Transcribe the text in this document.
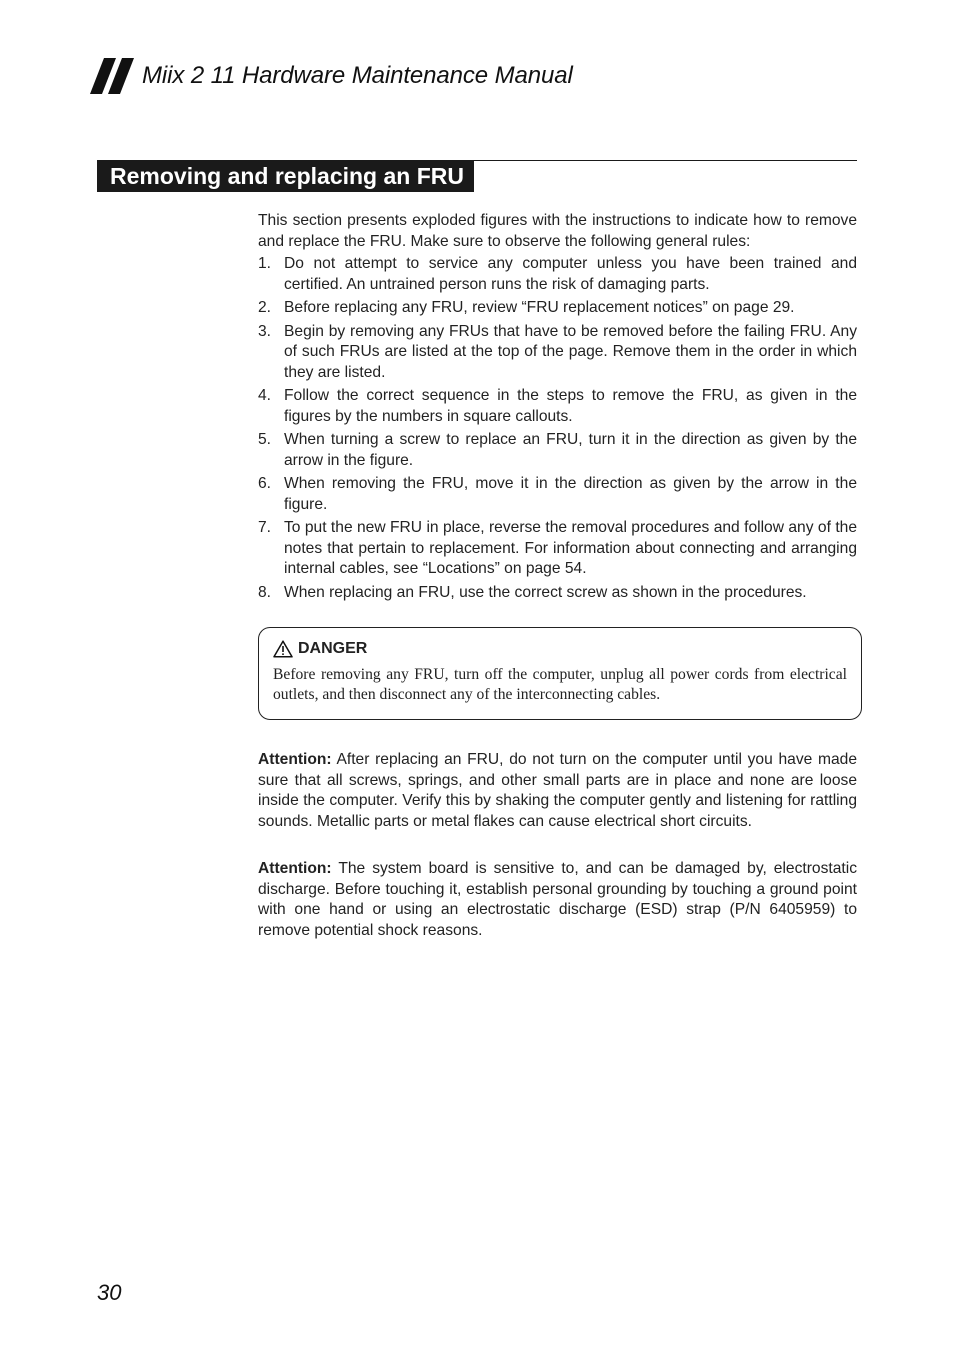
Miix 2 11 Hardware Maintenance Manual
Removing and replacing an FRU

This section presents exploded figures with the instructions to indicate how to remove and replace the FRU. Make sure to observe the following general rules:

1. Do not attempt to service any computer unless you have been trained and certified. An untrained person runs the risk of damaging parts.
2. Before replacing any FRU, review “FRU replacement notices” on page 29.
3. Begin by removing any FRUs that have to be removed before the failing FRU. Any of such FRUs are listed at the top of the page. Remove them in the order in which they are listed.
4. Follow the correct sequence in the steps to remove the FRU, as given in the figures by the numbers in square callouts.
5. When turning a screw to replace an FRU, turn it in the direction as given by the arrow in the figure.
6. When removing the FRU, move it in the direction as given by the arrow in the figure.
7. To put the new FRU in place, reverse the removal procedures and follow any of the notes that pertain to replacement. For information about connecting and arranging internal cables, see “Locations” on page 54.
8. When replacing an FRU, use the correct screw as shown in the procedures.
DANGER
Before removing any FRU, turn off the computer, unplug all power cords from electrical outlets, and then disconnect any of the interconnecting cables.

Attention: After replacing an FRU, do not turn on the computer until you have made sure that all screws, springs, and other small parts are in place and none are loose inside the computer. Verify this by shaking the computer gently and listening for rattling sounds. Metallic parts or metal flakes can cause electrical short circuits.

Attention: The system board is sensitive to, and can be damaged by, electrostatic discharge. Before touching it, establish personal grounding by touching a ground point with one hand or using an electrostatic discharge (ESD) strap (P/N 6405959) to remove potential shock reasons.

30
